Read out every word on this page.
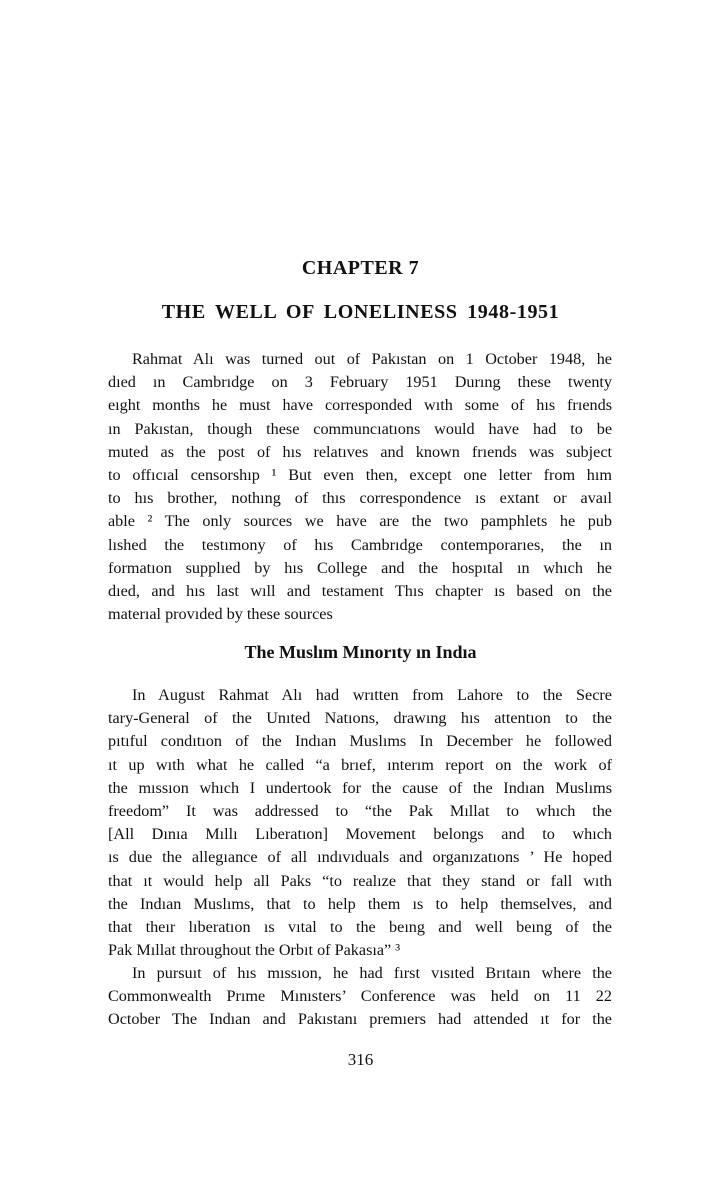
CHAPTER 7
THE WELL OF LONELINESS 1948-1951
Rahmat Alı was turned out of Pakıstan on 1 October 1948, he
dıed ın Cambrıdge on 3 February 1951 Durıng these twenty
eıght months he must have corresponded wıth some of hıs frıends
ın Pakıstan, though these communcıatıons would have had to be
muted as the post of hıs relatıves and known frıends was subject
to offıcıal censorshıp ¹ But even then, except one letter from hım
to hıs brother, nothıng of thıs correspondence ıs extant or avaıl
able ² The only sources we have are the two pamphlets he pub
lıshed the testımony of hıs Cambrıdge contemporarıes, the ın
formatıon supplıed by hıs College and the hospıtal ın whıch he
dıed, and hıs last wıll and testament Thıs chapter ıs based on the
materıal provıded by these sources
The Muslım Mınorıty ın Indıa
In August Rahmat Alı had wrıtten from Lahore to the Secre
tary-General of the Unıted Natıons, drawıng hıs attentıon to the
pıtıful condıtıon of the Indıan Muslıms In December he followed
ıt up wıth what he called “a brıef, ınterım report on the work of
the mıssıon whıch I undertook for the cause of the Indıan Muslıms
freedom” It was addressed to “the Pak Mıllat to whıch the
[All Dınıa Mıllı Lıberatıon] Movement belongs and to whıch
ıs due the allegıance of all ındıvıduals and organızatıons ’ He hoped
that ıt would help all Paks “to realıze that they stand or fall wıth
the Indıan Muslıms, that to help them ıs to help themselves, and
that theır lıberatıon ıs vıtal to the beıng and well beıng of the
Pak Mıllat throughout the Orbıt of Pakasıa” ³
In pursuıt of hıs mıssıon, he had fırst vısıted Brıtaın where the
Commonwealth Prıme Mınısters’ Conference was held on 11 22
October The Indıan and Pakıstanı premıers had attended ıt for the
316
